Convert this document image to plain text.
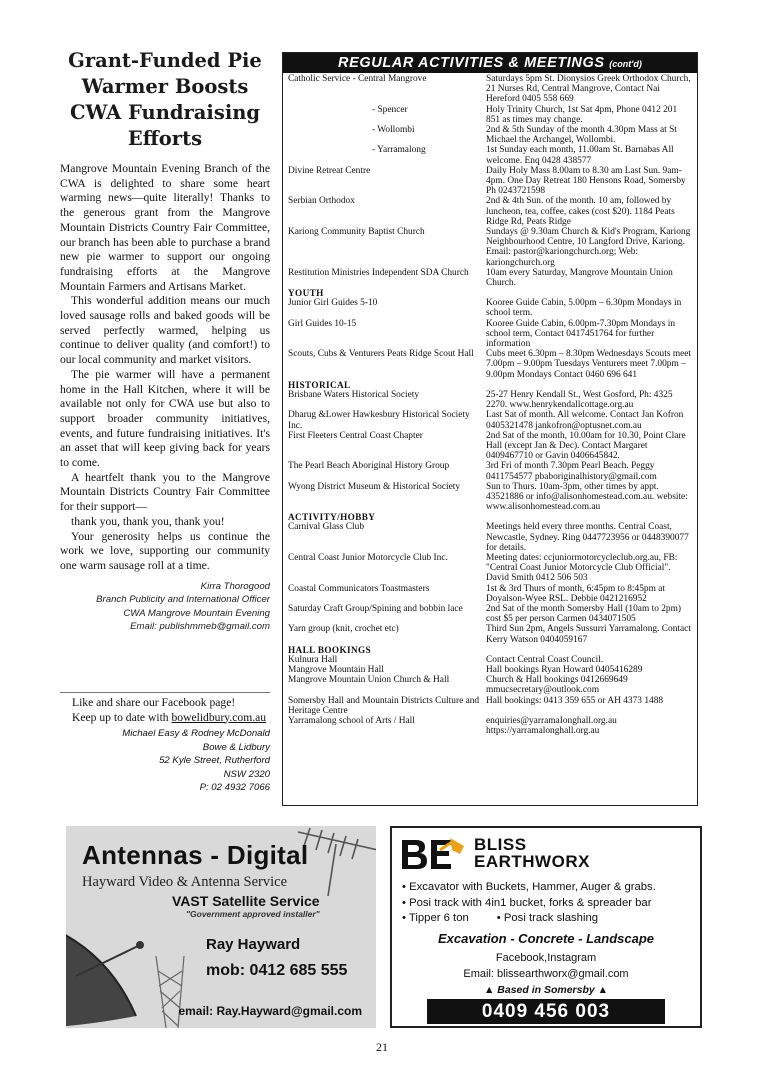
Grant-Funded Pie Warmer Boosts CWA Fundraising Efforts

Mangrove Mountain Evening Branch of the CWA is delighted to share some heart warming news—quite literally! Thanks to the generous grant from the Mangrove Mountain Districts Country Fair Committee, our branch has been able to purchase a brand new pie warmer to support our ongoing fundraising efforts at the Mangrove Mountain Farmers and Artisans Market.

This wonderful addition means our much loved sausage rolls and baked goods will be served perfectly warmed, helping us continue to deliver quality (and comfort!) to our local community and market visitors.

The pie warmer will have a permanent home in the Hall Kitchen, where it will be available not only for CWA use but also to support broader community initiatives, events, and future fundraising initiatives. It's an asset that will keep giving back for years to come.

A heartfelt thank you to the Mangrove Mountain Districts Country Fair Committee for their support—

thank you, thank you, thank you!

Your generosity helps us continue the work we love, supporting our community one warm sausage roll at a time.

Kirra Thorogood
Branch Publicity and International Officer
CWA Mangrove Mountain Evening
Email: publishmmeb@gmail.com

Like and share our Facebook page!

Keep up to date with bowelidbury.com.au

Michael Easy & Rodney McDonald
Bowe & Lidbury
52 Kyle Street, Rutherford
NSW 2320
P: 02 4932 7066
REGULAR ACTIVITIES & MEETINGS (cont'd)
Catholic Service - Central Mangrove	Saturdays 5pm St. Dionysios Greek Orthodox Church, 21 Nurses Rd, Central Mangrove, Contact Nai Hereford 0405 558 669
- Spencer	Holy Trinity Church, 1st Sat 4pm, Phone 0412 201 851 as times may change.
- Wollombi	2nd & 5th Sunday of the month 4.30pm Mass at St Michael the Archangel, Wollombi.
- Yarramalong	1st Sunday each month, 11.00am St. Barnabas All welcome. Enq 0428 438577
Divine Retreat Centre	Daily Holy Mass 8.00am to 8.30 am Last Sun. 9am-4pm. One Day Retreat 180 Hensons Road, Somersby Ph 0243721598
Serbian Orthodox	2nd & 4th Sun. of the month. 10 am, followed by luncheon, tea, coffee, cakes (cost $20). 1184 Peats Ridge Rd, Peats Ridge
Kariong Community Baptist Church	Sundays @ 9.30am Church & Kid's Program, Kariong Neighbourhood Centre, 10 Langford Drive, Kariong. Email: pastor@kariongchurch.org; Web: kariongchurch.org
Restitution Ministries Independent SDA Church	10am every Saturday, Mangrove Mountain Union Church.
YOUTH
Junior Girl Guides 5-10	Kooree Guide Cabin, 5.00pm – 6.30pm Mondays in school term.
Girl Guides 10-15	Kooree Guide Cabin, 6.00pm-7.30pm Mondays in school term, Contact 0417451764 for further information
Scouts, Cubs & Venturers Peats Ridge Scout Hall	Cubs meet 6.30pm – 8.30pm Wednesdays Scouts meet 7.00pm – 9.00pm Tuesdays Venturers meet 7.00pm – 9.00pm Mondays Contact 0460 696 641
HISTORICAL
Brisbane Waters Historical Society	25-27 Henry Kendall St., West Gosford, Ph: 4325 2270. www.henrykendallcottage.org.au
Dharug &Lower Hawkesbury Historical Society Inc.
Last Sat of month. All welcome. Contact Jan Kofron 0405321478 jankofron@optusnet.com.au
First Fleeters Central Coast Chapter	2nd Sat of the month, 10.00am for 10.30, Point Clare Hall (except Jan & Dec). Contact Margaret 0409467710 or Gavin 0406645842.
The Pearl Beach Aboriginal History Group	3rd Fri of month 7.30pm Pearl Beach. Peggy 0411754577 pbaboriginalhistory@gmail.com
Wyong District Museum & Historical Society	Sun to Thurs. 10am-3pm, other times by appt. 43521886 or info@alisonhomestead.com.au. website: www.alisonhomestead.com.au
ACTIVITY/HOBBY
Carnival Glass Club	Meetings held every three months. Central Coast, Newcastle, Sydney. Ring 0447723956 or 0448390077 for details.
Central Coast Junior Motorcycle Club Inc.	Meeting dates: ccjuniormotorcycleclub.org.au, FB: "Central Coast Junior Motorcycle Club Official". David Smith 0412 506 503
Coastal Communicators Toastmasters	1st & 3rd Thurs of month, 6:45pm to 8:45pm at Doyalson-Wyee RSL. Debbie 0421216952
Saturday Craft Group/Spining and bobbin lace	2nd Sat of the month Somersby Hall (10am to 2pm) cost $5 per person Carmen 0434071505
Yarn group (knit, crochet etc)	Third Sun 2pm, Angels Sussurri Yarramalong. Contact Kerry Watson 0404059167
HALL BOOKINGS
Kulnura Hall	Contact Central Coast Council.
Mangrove Mountain Hall	Hall bookings Ryan Howard 0405416289
Mangrove Mountain Union Church & Hall	Church & Hall bookings 0412669649 mmucsecretary@outlook.com
Somersby Hall and Mountain Districts Culture and Heritage Centre
Hall bookings: 0413 359 655 or AH 4373 1488
Yarramalong school of Arts / Hall	enquiries@yarramaIonghall.org.au https://yarramalonghall.org.au
Antennas - Digital
Hayward Video & Antenna Service
VAST Satellite Service
"Government approved installer"
Ray Hayward
mob: 0412 685 555
email: Ray.Hayward@gmail.com
BLISS
EARTHWORX
• Excavator with Buckets, Hammer, Auger & grabs.
• Posi track with 4in1 bucket, forks & spreader bar
• Tipper 6 ton•	Posi track slashing
Excavation - Concrete - Landscape
Facebook,Instagram
Email: blissearthworx@gmail.com
▲ Based in Somersby ▲
0409 456 003
21
